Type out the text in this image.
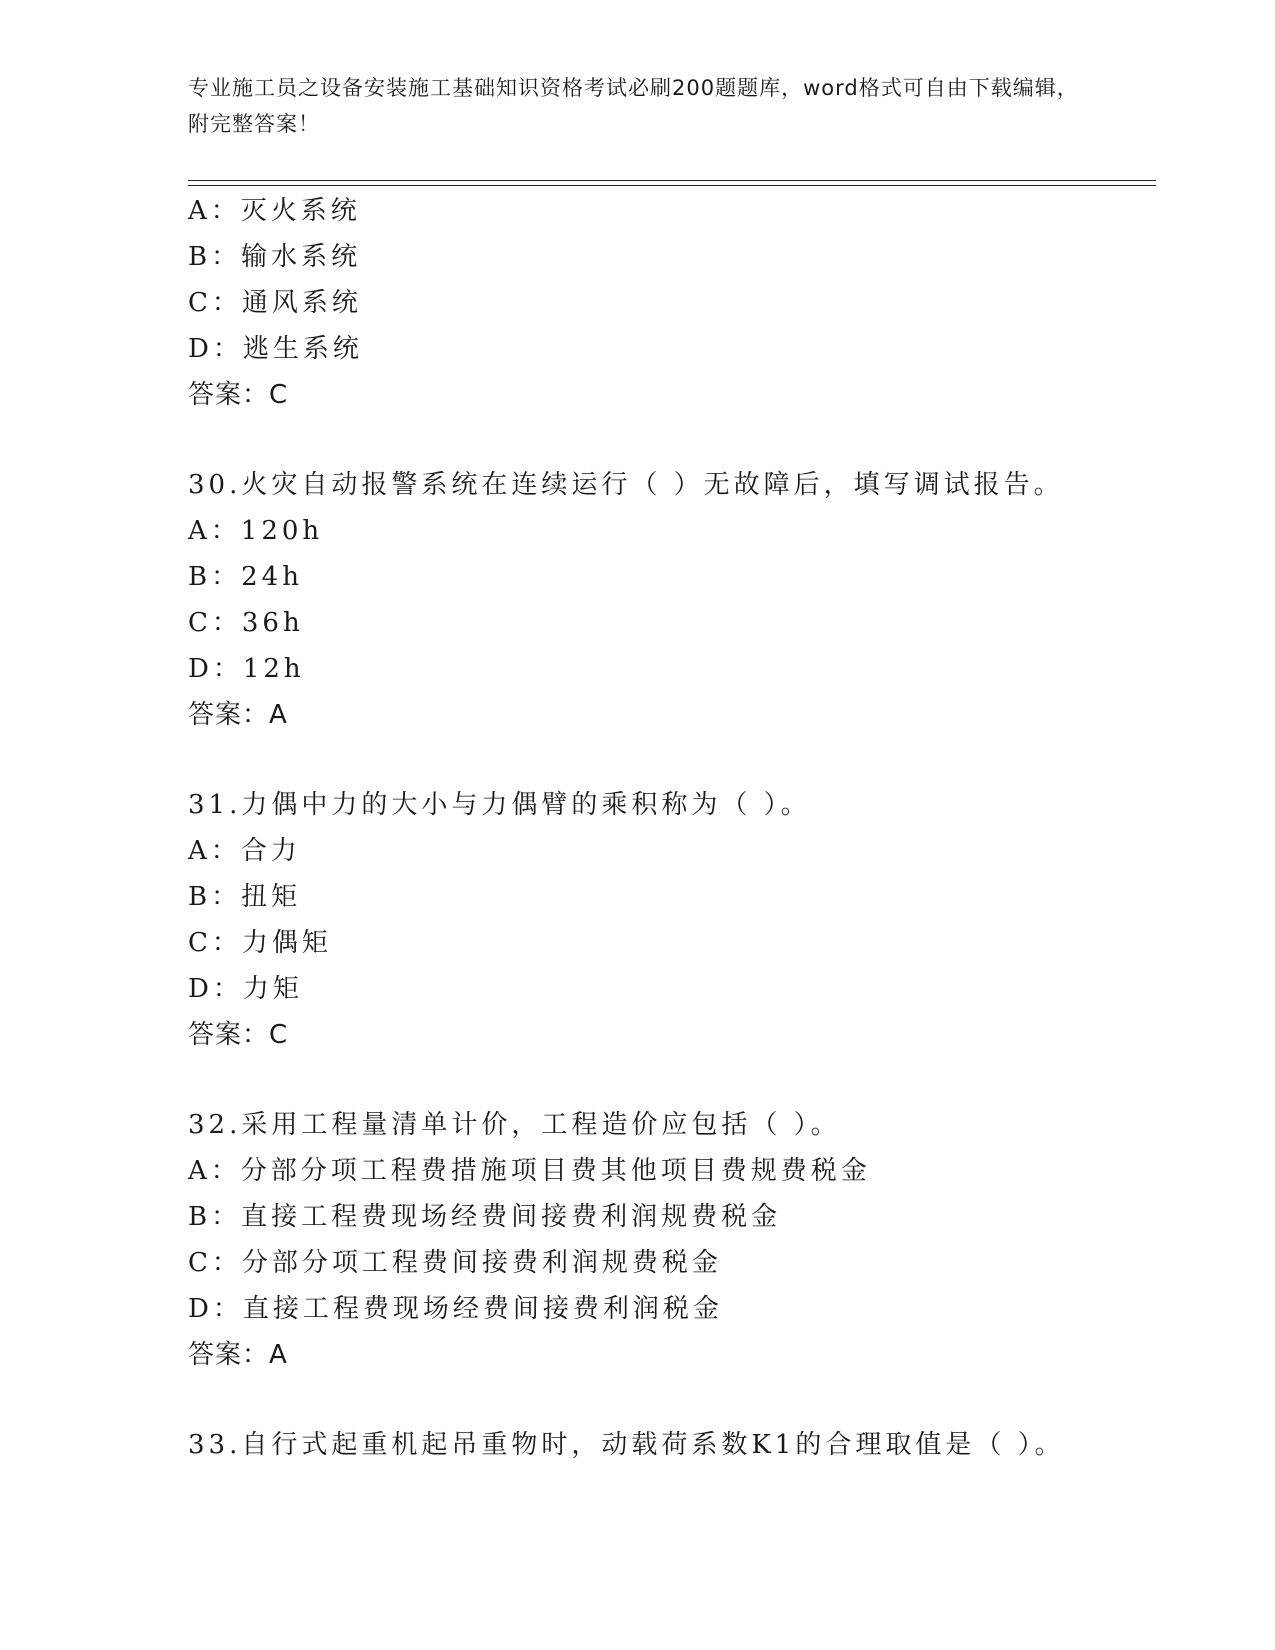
专业施工员之设备安装施工基础知识资格考试必刷200题题库，word格式可自由下载编辑，附完整答案！
A：灭火系统
B：输水系统
C：通风系统
D：逃生系统
答案：C
30.火灾自动报警系统在连续运行（ ）无故障后，填写调试报告。
A：120h
B：24h
C：36h
D：12h
答案：A
31.力偶中力的大小与力偶臂的乘积称为（ ）。
A：合力
B：扭矩
C：力偶矩
D：力矩
答案：C
32.采用工程量清单计价，工程造价应包括（ ）。
A：分部分项工程费措施项目费其他项目费规费税金
B：直接工程费现场经费间接费利润规费税金
C：分部分项工程费间接费利润规费税金
D：直接工程费现场经费间接费利润税金
答案：A
33.自行式起重机起吊重物时，动载荷系数K1的合理取值是（ ）。
